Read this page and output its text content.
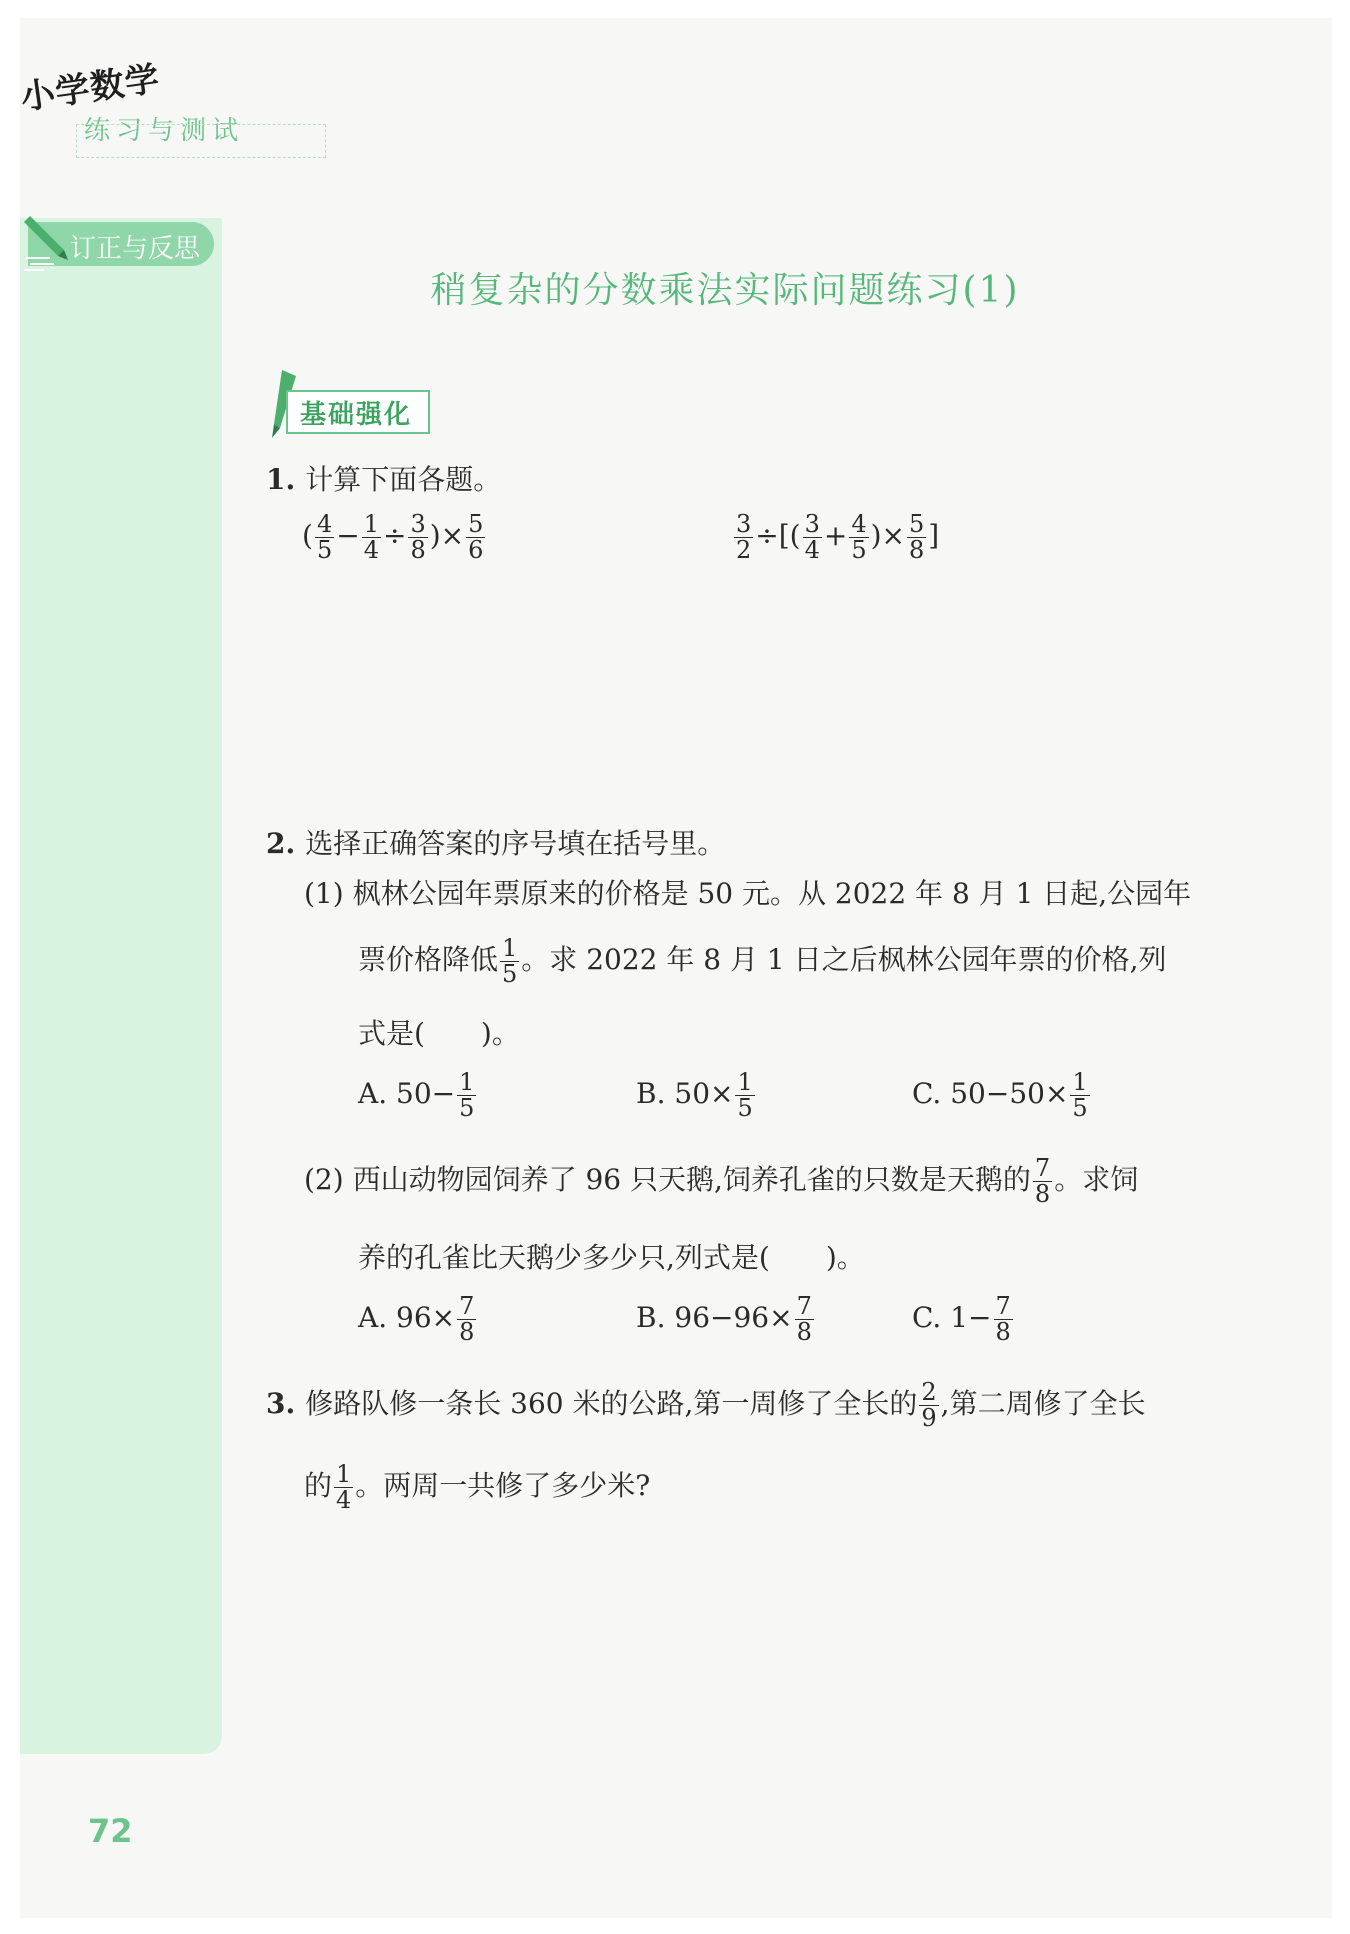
小学数学
练习与测试
订正与反思
稍复杂的分数乘法实际问题练习(1)
基础强化
1. 计算下面各题。
( $\frac{4}{5} - \frac{1}{4} \div \frac{3}{8}$ )× $\frac{5}{6}$	$\frac{3}{2}$ ÷[( $\frac{3}{4} + \frac{4}{5}$ )× $\frac{5}{8}$ ]
2. 选择正确答案的序号填在括号里。
(1) 枫林公园年票原来的价格是 50 元。从 2022 年 8 月 1 日起,公园年
票价格降低 $\frac{1}{5}$ 。求 2022 年 8 月 1 日之后枫林公园年票的价格,列
式是(　　)。
A. $50- \frac{1}{5}$	B. $50\times \frac{1}{5}$	C. $50-50\times \frac{1}{5}$
(2) 西山动物园饲养了 96 只天鹅,饲养孔雀的只数是天鹅的 $\frac{7}{8}$ 。求饲
养的孔雀比天鹅少多少只,列式是(　　)。
A. $96\times \frac{7}{8}$	B. $96-96\times \frac{7}{8}$	C. $1- \frac{7}{8}$
3. 修路队修一条长 360 米的公路,第一周修了全长的 $\frac{2}{9}$ ,第二周修了全长
的 $\frac{1}{4}$ 。两周一共修了多少米?
72
